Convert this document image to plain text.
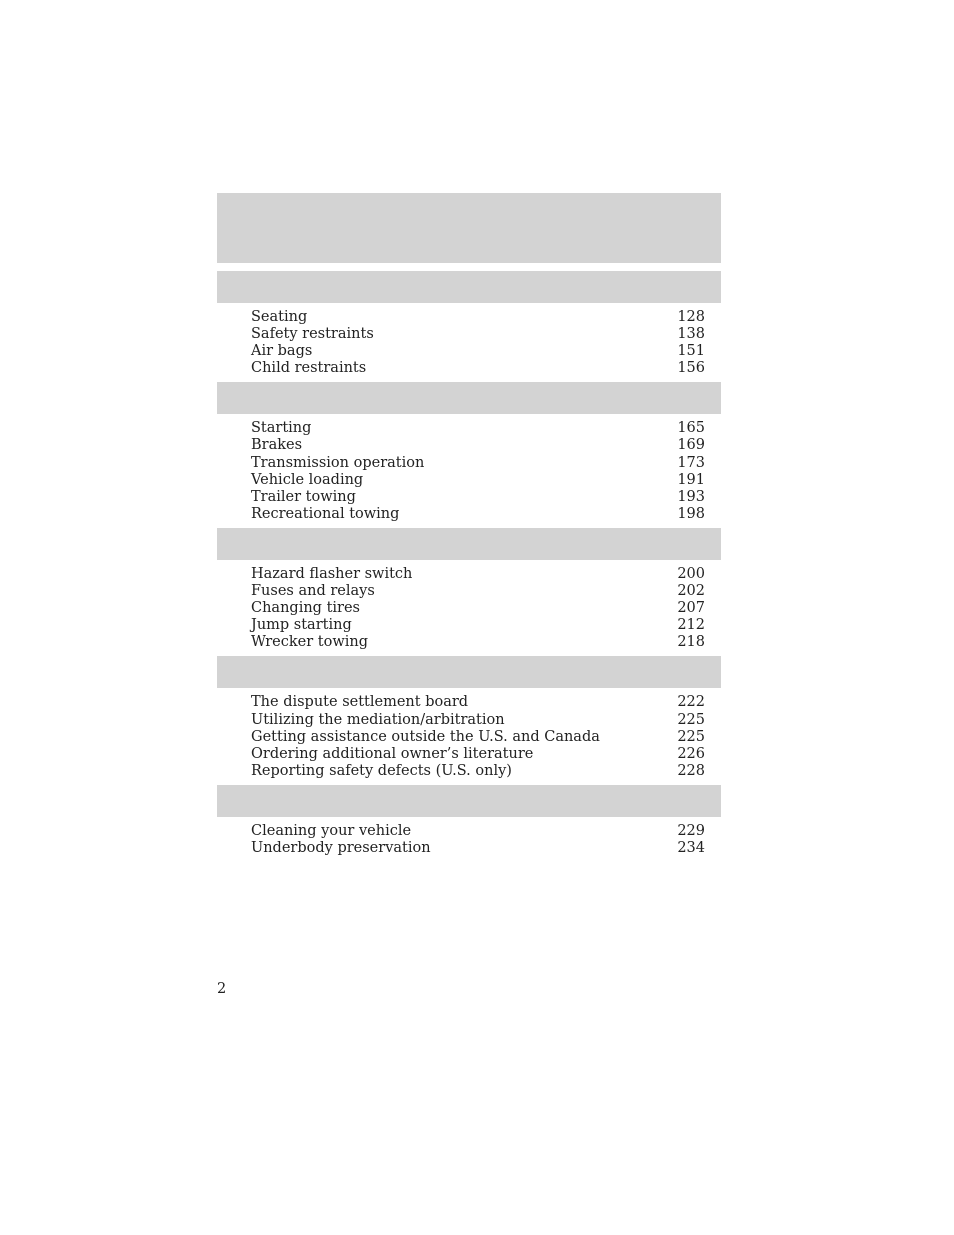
Seating	128
Safety restraints	138
Air bags	151
Child restraints	156
Starting	165
Brakes	169
Transmission operation	173
Vehicle loading	191
Trailer towing	193
Recreational towing	198
Hazard flasher switch	200
Fuses and relays	202
Changing tires	207
Jump starting	212
Wrecker towing	218
The dispute settlement board	222
Utilizing the mediation/arbitration	225
Getting assistance outside the U.S. and Canada	225
Ordering additional owner’s literature	226
Reporting safety defects (U.S. only)	228
Cleaning your vehicle	229
Underbody preservation	234
2
